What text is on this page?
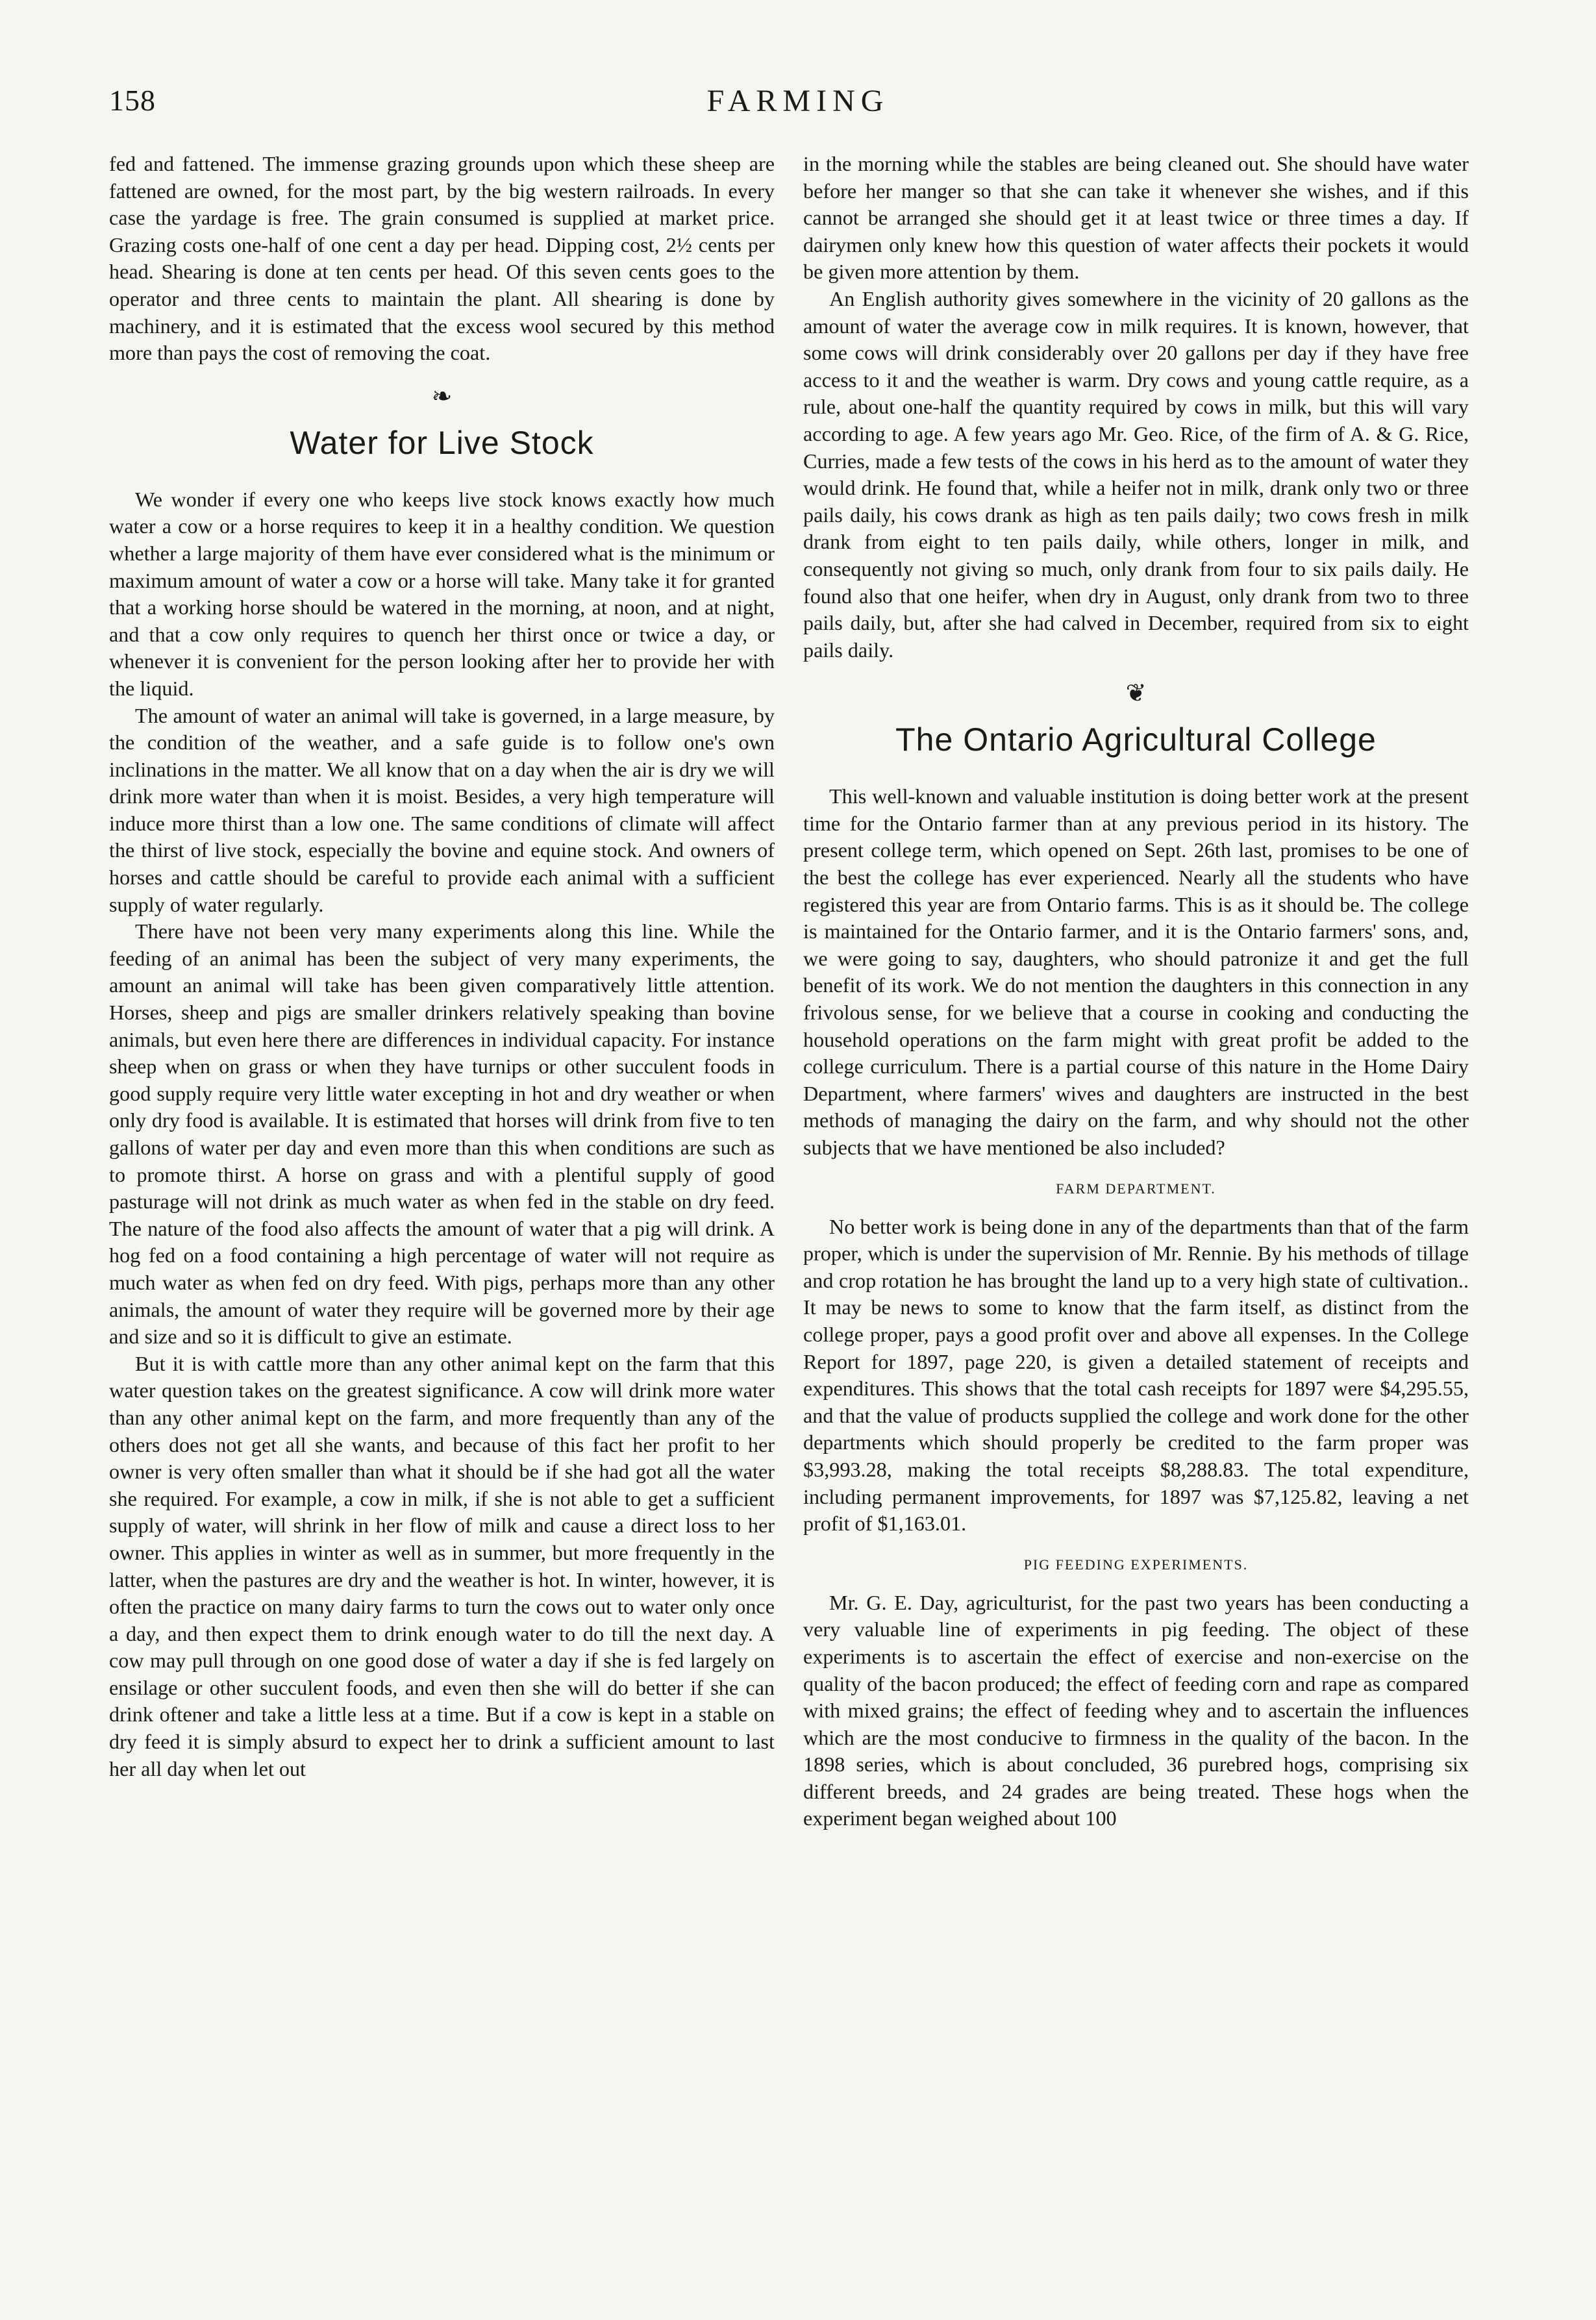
158	FARMING

fed and fattened. The immense grazing grounds upon which these sheep are fattened are owned, for the most part, by the big western railroads. In every case the yardage is free. The grain consumed is supplied at market price. Grazing costs one-half of one cent a day per head. Dipping cost, 2½ cents per head. Shearing is done at ten cents per head. Of this seven cents goes to the operator and three cents to maintain the plant. All shearing is done by machinery, and it is estimated that the excess wool secured by this method more than pays the cost of removing the coat.

❧
Water for Live Stock

We wonder if every one who keeps live stock knows exactly how much water a cow or a horse requires to keep it in a healthy condition. We question whether a large majority of them have ever considered what is the minimum or maximum amount of water a cow or a horse will take. Many take it for granted that a working horse should be watered in the morning, at noon, and at night, and that a cow only requires to quench her thirst once or twice a day, or whenever it is convenient for the person looking after her to provide her with the liquid.

The amount of water an animal will take is governed, in a large measure, by the condition of the weather, and a safe guide is to follow one's own inclinations in the matter. We all know that on a day when the air is dry we will drink more water than when it is moist. Besides, a very high temperature will induce more thirst than a low one. The same conditions of climate will affect the thirst of live stock, especially the bovine and equine stock. And owners of horses and cattle should be careful to provide each animal with a sufficient supply of water regularly.

There have not been very many experiments along this line. While the feeding of an animal has been the subject of very many experiments, the amount an animal will take has been given comparatively little attention. Horses, sheep and pigs are smaller drinkers relatively speaking than bovine animals, but even here there are differences in individual capacity. For instance sheep when on grass or when they have turnips or other succulent foods in good supply require very little water excepting in hot and dry weather or when only dry food is available. It is estimated that horses will drink from five to ten gallons of water per day and even more than this when conditions are such as to promote thirst. A horse on grass and with a plentiful supply of good pasturage will not drink as much water as when fed in the stable on dry feed. The nature of the food also affects the amount of water that a pig will drink. A hog fed on a food containing a high percentage of water will not require as much water as when fed on dry feed. With pigs, perhaps more than any other animals, the amount of water they require will be governed more by their age and size and so it is difficult to give an estimate.

But it is with cattle more than any other animal kept on the farm that this water question takes on the greatest significance. A cow will drink more water than any other animal kept on the farm, and more frequently than any of the others does not get all she wants, and because of this fact her profit to her owner is very often smaller than what it should be if she had got all the water she required. For example, a cow in milk, if she is not able to get a sufficient supply of water, will shrink in her flow of milk and cause a direct loss to her owner. This applies in winter as well as in summer, but more frequently in the latter, when the pastures are dry and the weather is hot. In winter, however, it is often the practice on many dairy farms to turn the cows out to water only once a day, and then expect them to drink enough water to do till the next day. A cow may pull through on one good dose of water a day if she is fed largely on ensilage or other succulent foods, and even then she will do better if she can drink oftener and take a little less at a time. But if a cow is kept in a stable on dry feed it is simply absurd to expect her to drink a sufficient amount to last her all day when let out

in the morning while the stables are being cleaned out. She should have water before her manger so that she can take it whenever she wishes, and if this cannot be arranged she should get it at least twice or three times a day. If dairymen only knew how this question of water affects their pockets it would be given more attention by them.

An English authority gives somewhere in the vicinity of 20 gallons as the amount of water the average cow in milk requires. It is known, however, that some cows will drink considerably over 20 gallons per day if they have free access to it and the weather is warm. Dry cows and young cattle require, as a rule, about one-half the quantity required by cows in milk, but this will vary according to age. A few years ago Mr. Geo. Rice, of the firm of A. & G. Rice, Curries, made a few tests of the cows in his herd as to the amount of water they would drink. He found that, while a heifer not in milk, drank only two or three pails daily, his cows drank as high as ten pails daily; two cows fresh in milk drank from eight to ten pails daily, while others, longer in milk, and consequently not giving so much, only drank from four to six pails daily. He found also that one heifer, when dry in August, only drank from two to three pails daily, but, after she had calved in December, required from six to eight pails daily.

❦
The Ontario Agricultural College

This well-known and valuable institution is doing better work at the present time for the Ontario farmer than at any previous period in its history. The present college term, which opened on Sept. 26th last, promises to be one of the best the college has ever experienced. Nearly all the students who have registered this year are from Ontario farms. This is as it should be. The college is maintained for the Ontario farmer, and it is the Ontario farmers' sons, and, we were going to say, daughters, who should patronize it and get the full benefit of its work. We do not mention the daughters in this connection in any frivolous sense, for we believe that a course in cooking and conducting the household operations on the farm might with great profit be added to the college curriculum. There is a partial course of this nature in the Home Dairy Department, where farmers' wives and daughters are instructed in the best methods of managing the dairy on the farm, and why should not the other subjects that we have mentioned be also included?

FARM DEPARTMENT.

No better work is being done in any of the departments than that of the farm proper, which is under the supervision of Mr. Rennie. By his methods of tillage and crop rotation he has brought the land up to a very high state of cultivation.. It may be news to some to know that the farm itself, as distinct from the college proper, pays a good profit over and above all expenses. In the College Report for 1897, page 220, is given a detailed statement of receipts and expenditures. This shows that the total cash receipts for 1897 were $4,295.55, and that the value of products supplied the college and work done for the other departments which should properly be credited to the farm proper was $3,993.28, making the total receipts $8,288.83. The total expenditure, including permanent improvements, for 1897 was $7,125.82, leaving a net profit of $1,163.01.

PIG FEEDING EXPERIMENTS.

Mr. G. E. Day, agriculturist, for the past two years has been conducting a very valuable line of experiments in pig feeding. The object of these experiments is to ascertain the effect of exercise and non-exercise on the quality of the bacon produced; the effect of feeding corn and rape as compared with mixed grains; the effect of feeding whey and to ascertain the influences which are the most conducive to firmness in the quality of the bacon. In the 1898 series, which is about concluded, 36 purebred hogs, comprising six different breeds, and 24 grades are being treated. These hogs when the experiment began weighed about 100
